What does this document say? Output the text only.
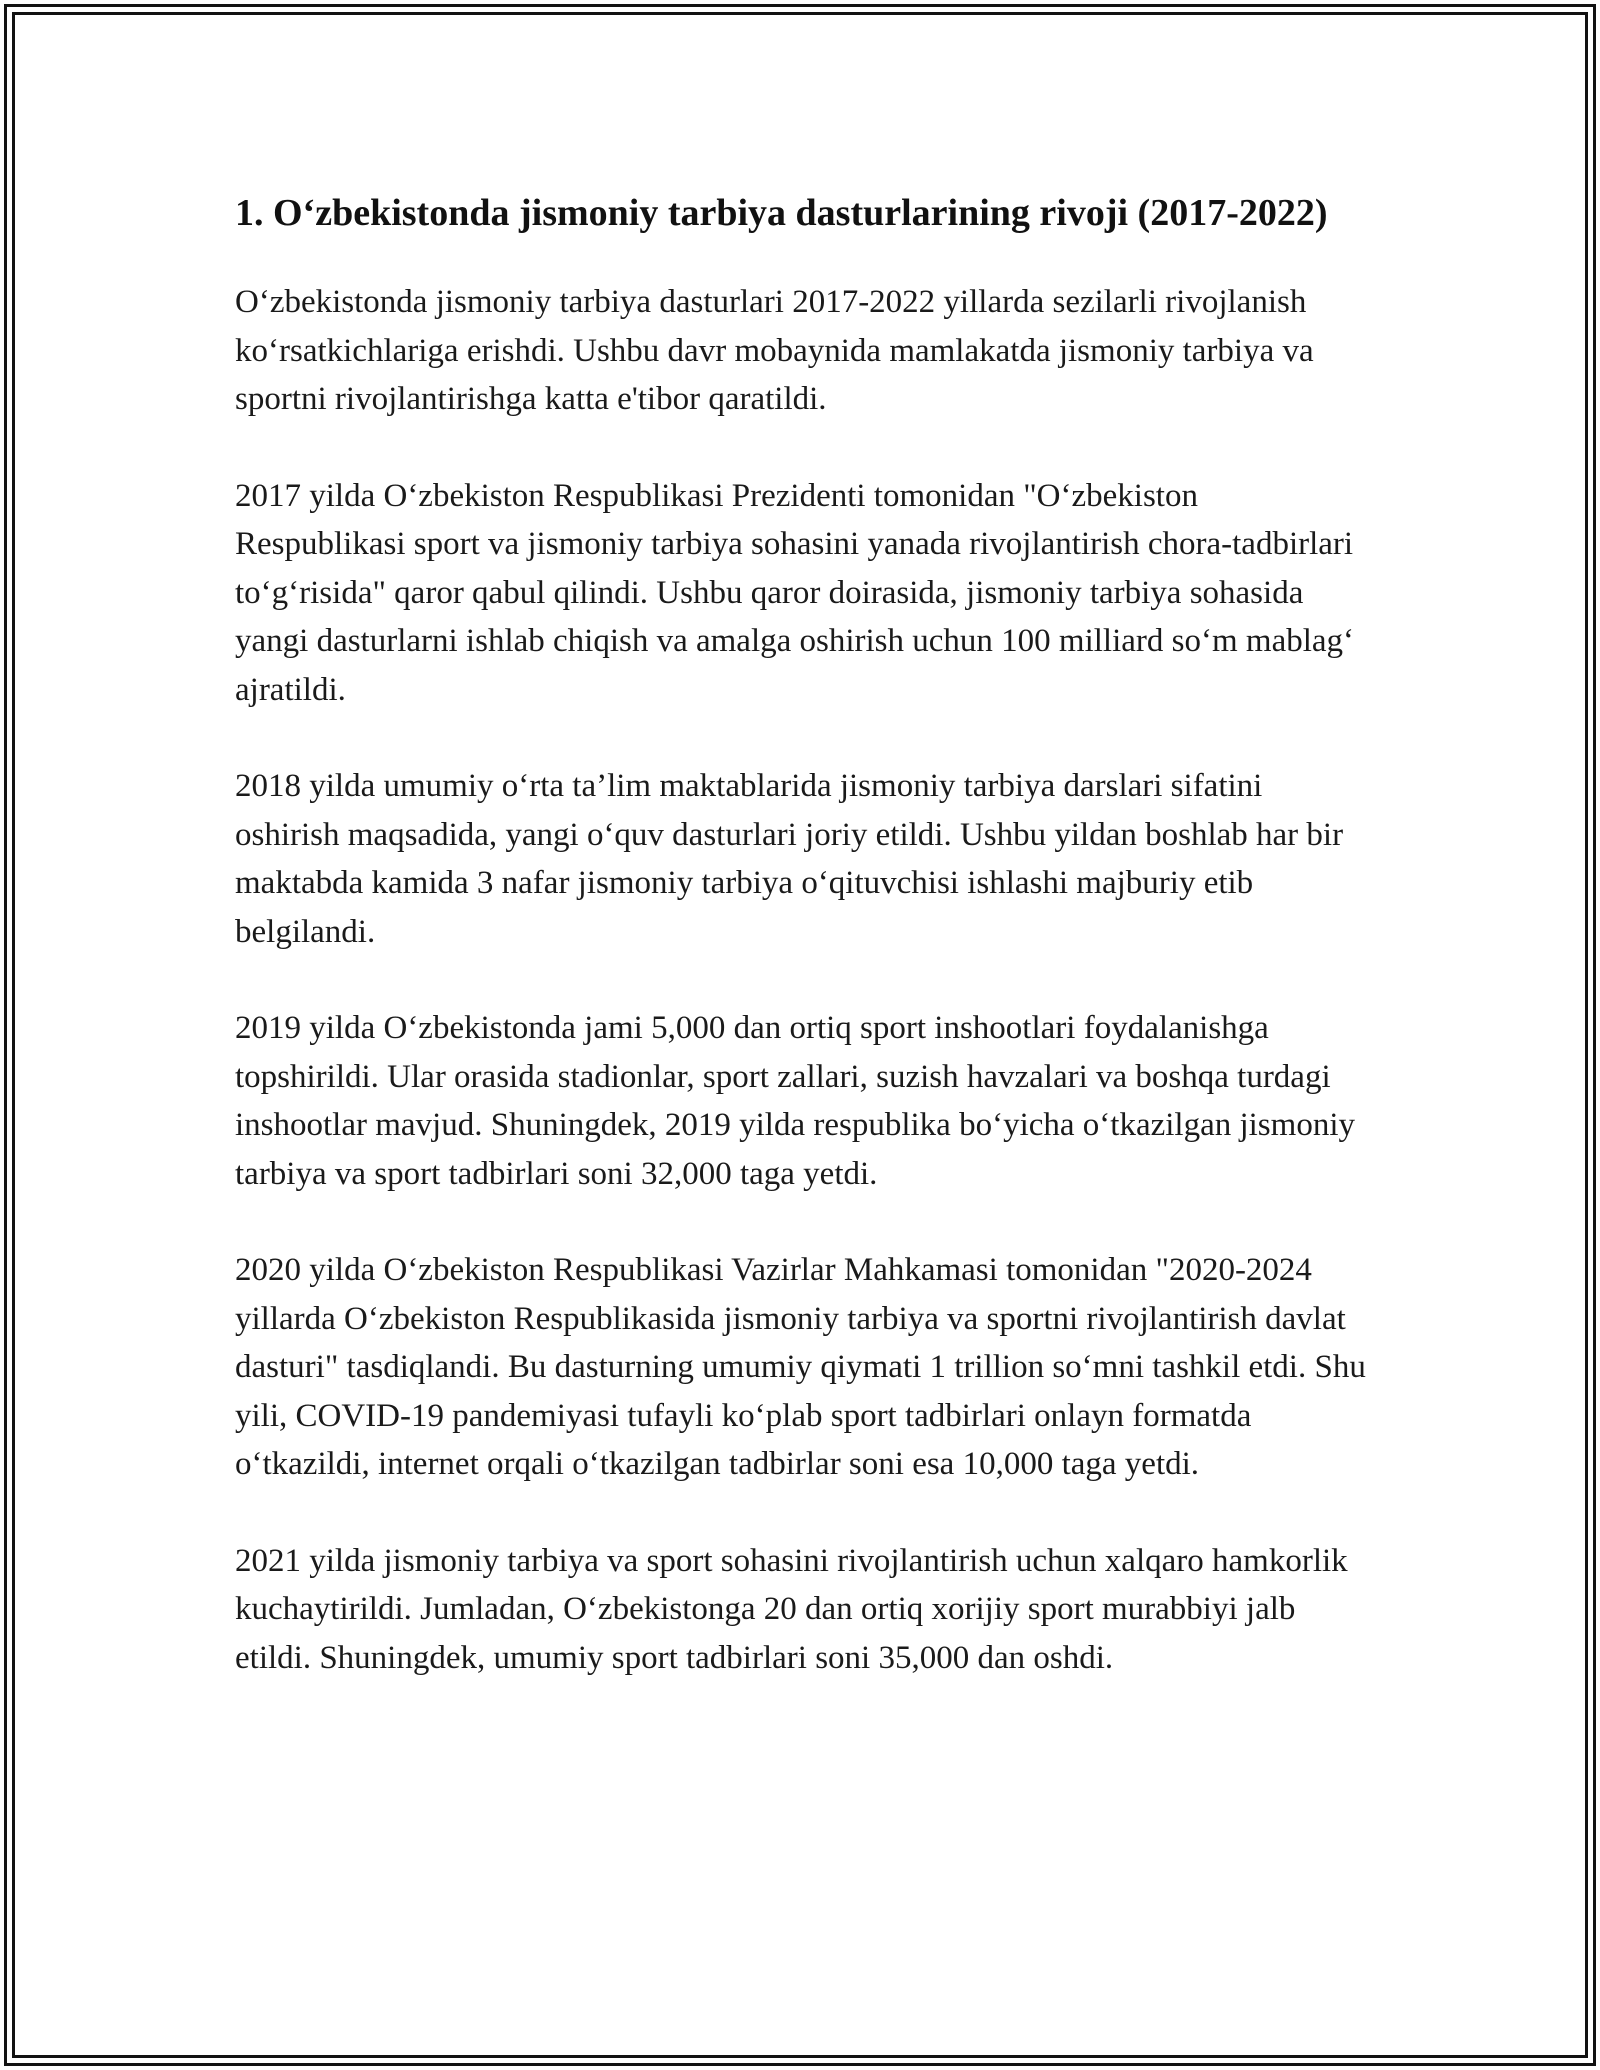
1. O‘zbekistonda jismoniy tarbiya dasturlarining rivoji (2017-2022)

O‘zbekistonda jismoniy tarbiya dasturlari 2017-2022 yillarda sezilarli rivojlanish ko‘rsatkichlariga erishdi. Ushbu davr mobaynida mamlakatda jismoniy tarbiya va sportni rivojlantirishga katta e'tibor qaratildi.

2017 yilda O‘zbekiston Respublikasi Prezidenti tomonidan "O‘zbekiston Respublikasi sport va jismoniy tarbiya sohasini yanada rivojlantirish chora-tadbirlari to‘g‘risida" qaror qabul qilindi. Ushbu qaror doirasida, jismoniy tarbiya sohasida yangi dasturlarni ishlab chiqish va amalga oshirish uchun 100 milliard so‘m mablag‘ ajratildi.

2018 yilda umumiy o‘rta ta’lim maktablarida jismoniy tarbiya darslari sifatini oshirish maqsadida, yangi o‘quv dasturlari joriy etildi. Ushbu yildan boshlab har bir maktabda kamida 3 nafar jismoniy tarbiya o‘qituvchisi ishlashi majburiy etib belgilandi.

2019 yilda O‘zbekistonda jami 5,000 dan ortiq sport inshootlari foydalanishga topshirildi. Ular orasida stadionlar, sport zallari, suzish havzalari va boshqa turdagi inshootlar mavjud. Shuningdek, 2019 yilda respublika bo‘yicha o‘tkazilgan jismoniy tarbiya va sport tadbirlari soni 32,000 taga yetdi.

2020 yilda O‘zbekiston Respublikasi Vazirlar Mahkamasi tomonidan "2020-2024 yillarda O‘zbekiston Respublikasida jismoniy tarbiya va sportni rivojlantirish davlat dasturi" tasdiqlandi. Bu dasturning umumiy qiymati 1 trillion so‘mni tashkil etdi. Shu yili, COVID-19 pandemiyasi tufayli ko‘plab sport tadbirlari onlayn formatda o‘tkazildi, internet orqali o‘tkazilgan tadbirlar soni esa 10,000 taga yetdi.

2021 yilda jismoniy tarbiya va sport sohasini rivojlantirish uchun xalqaro hamkorlik kuchaytirildi. Jumladan, O‘zbekistonga 20 dan ortiq xorijiy sport murabbiyi jalb etildi. Shuningdek, umumiy sport tadbirlari soni 35,000 dan oshdi.
